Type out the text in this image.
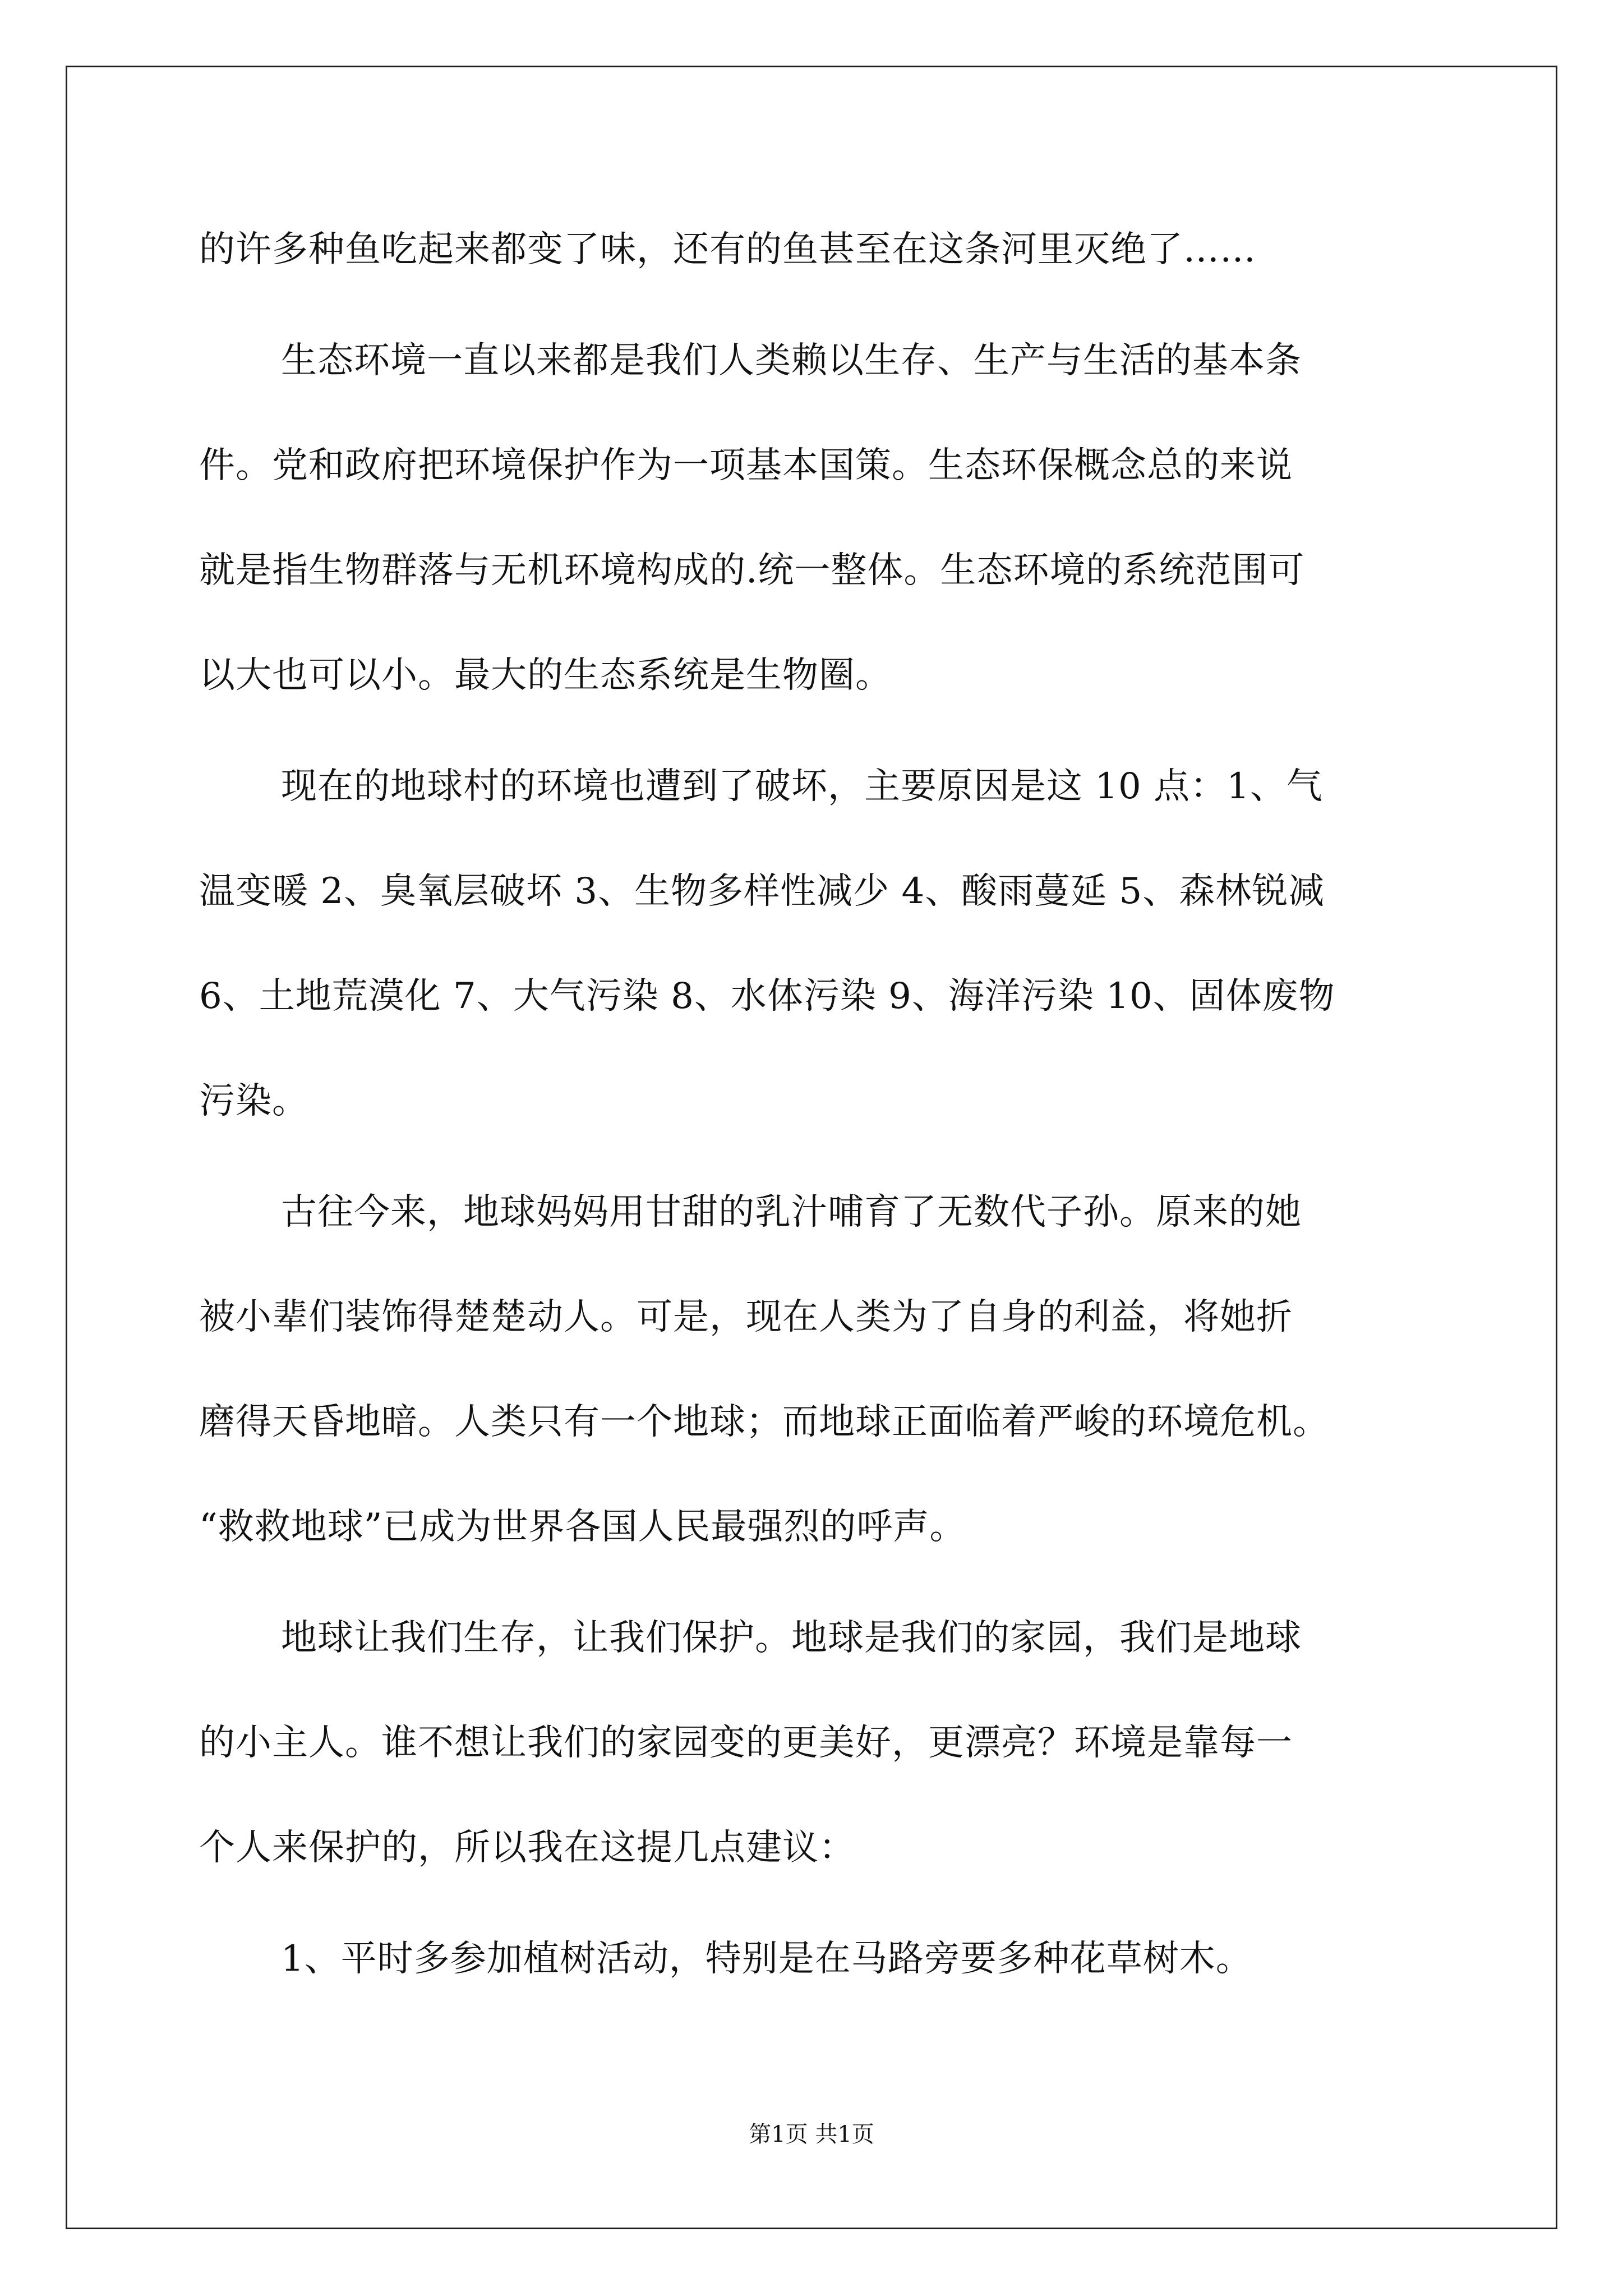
的许多种鱼吃起来都变了味，还有的鱼甚至在这条河里灭绝了……
生态环境一直以来都是我们人类赖以生存、生产与生活的基本条
件。党和政府把环境保护作为一项基本国策。生态环保概念总的来说
就是指生物群落与无机环境构成的.统一整体。生态环境的系统范围可
以大也可以小。最大的生态系统是生物圈。
现在的地球村的环境也遭到了破坏，主要原因是这 10 点：1、气
温变暖 2、臭氧层破坏 3、生物多样性减少 4、酸雨蔓延 5、森林锐减
6、土地荒漠化 7、大气污染 8、水体污染 9、海洋污染 10、固体废物
污染。
古往今来，地球妈妈用甘甜的乳汁哺育了无数代子孙。原来的她
被小辈们装饰得楚楚动人。可是，现在人类为了自身的利益，将她折
磨得天昏地暗。人类只有一个地球；而地球正面临着严峻的环境危机。
“救救地球”已成为世界各国人民最强烈的呼声。
地球让我们生存，让我们保护。地球是我们的家园，我们是地球
的小主人。谁不想让我们的家园变的更美好，更漂亮？环境是靠每一
个人来保护的，所以我在这提几点建议：
1、平时多参加植树活动，特别是在马路旁要多种花草树木。
第1页 共1页
